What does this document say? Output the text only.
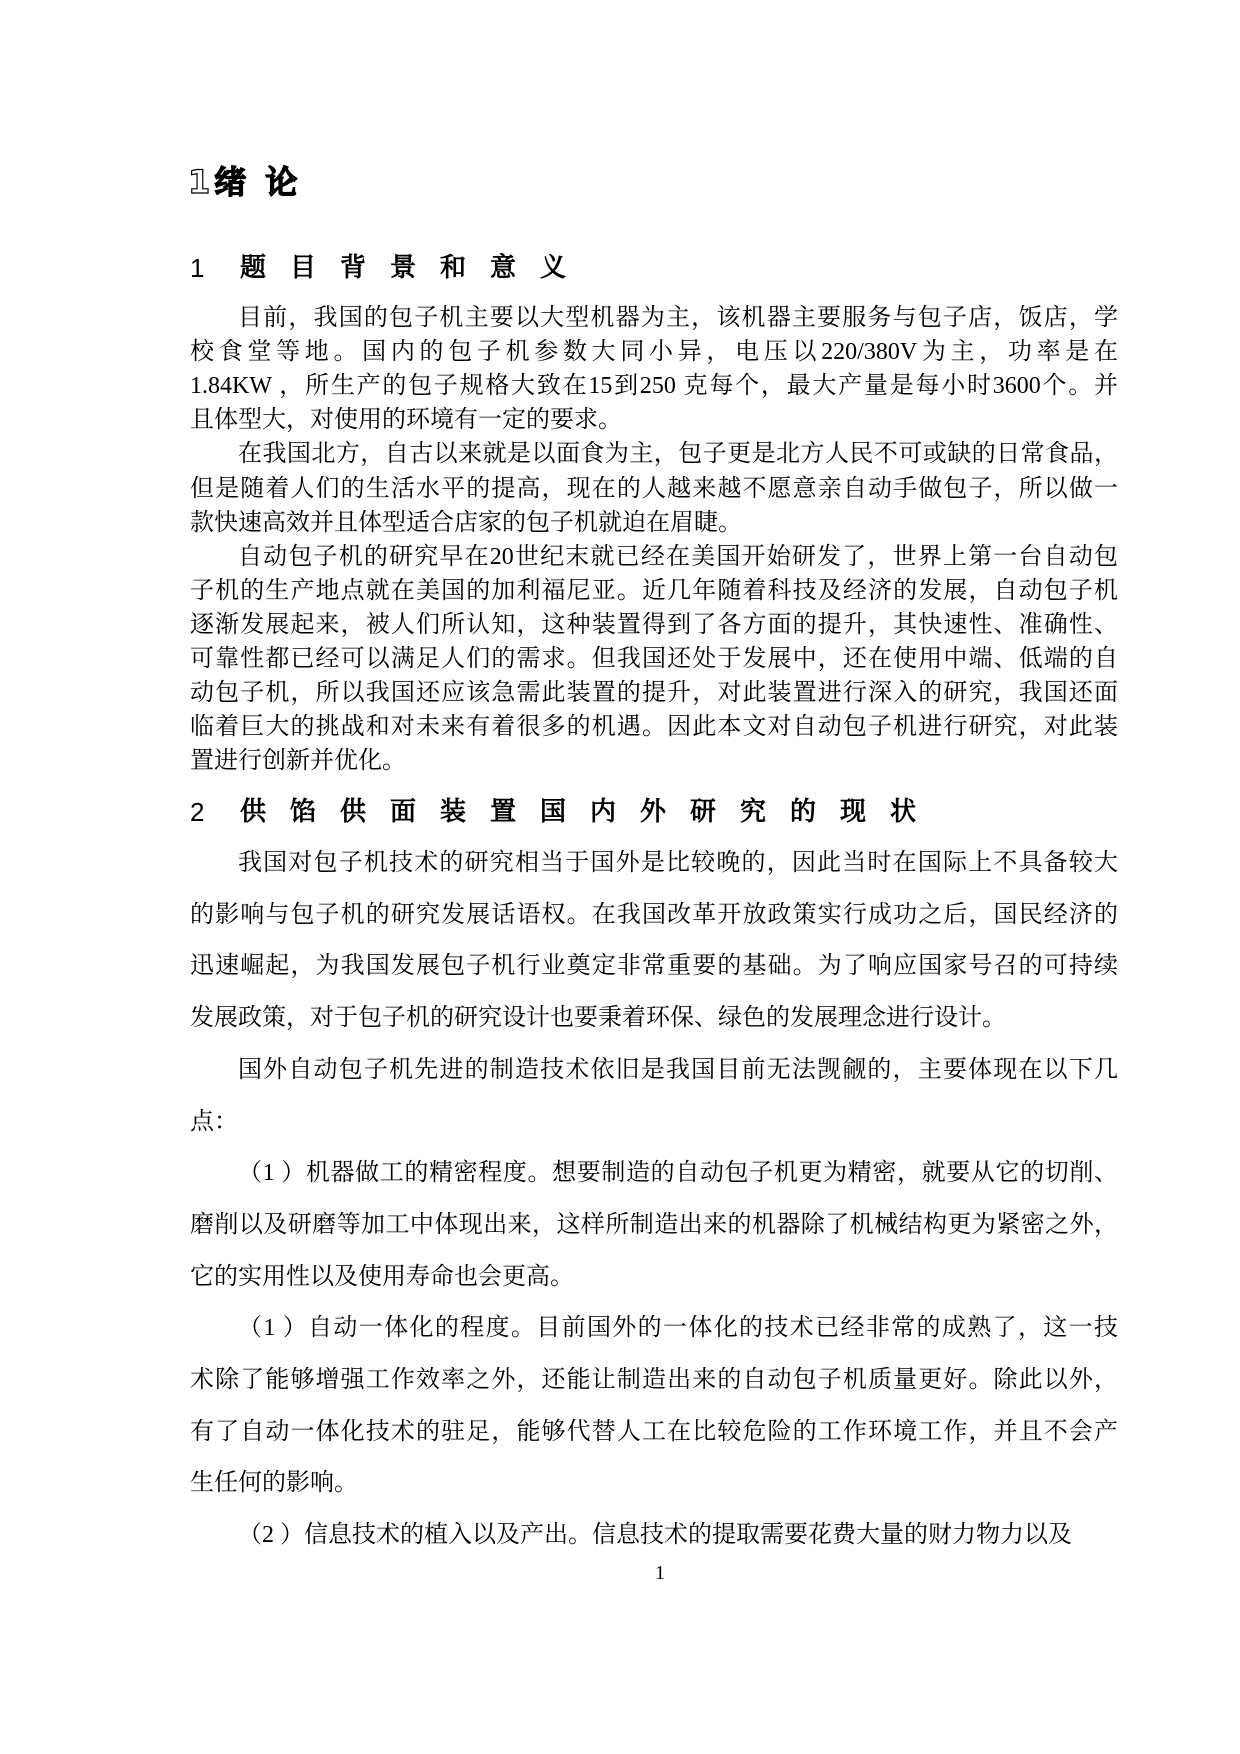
1绪 论
1	题目背景和意义
目前，我国的包子机主要以大型机器为主，该机器主要服务与包子店，饭店，学
校食堂等地。国内的包子机参数大同小异，电压以220/380V为主，功率是在
1.84KW ，所生产的包子规格大致在15到250 克每个，最大产量是每小时3600个。并
且体型大，对使用的环境有一定的要求。
在我国北方，自古以来就是以面食为主，包子更是北方人民不可或缺的日常食品，
但是随着人们的生活水平的提高，现在的人越来越不愿意亲自动手做包子，所以做一
款快速高效并且体型适合店家的包子机就迫在眉睫。
自动包子机的研究早在20世纪末就已经在美国开始研发了，世界上第一台自动包
子机的生产地点就在美国的加利福尼亚。近几年随着科技及经济的发展，自动包子机
逐渐发展起来，被人们所认知，这种装置得到了各方面的提升，其快速性、准确性、
可靠性都已经可以满足人们的需求。但我国还处于发展中，还在使用中端、低端的自
动包子机，所以我国还应该急需此装置的提升，对此装置进行深入的研究，我国还面
临着巨大的挑战和对未来有着很多的机遇。因此本文对自动包子机进行研究，对此装
置进行创新并优化。
2	供馅供面装置国内外研究的现状
我国对包子机技术的研究相当于国外是比较晚的，因此当时在国际上不具备较大
的影响与包子机的研究发展话语权。在我国改革开放政策实行成功之后，国民经济的
迅速崛起，为我国发展包子机行业奠定非常重要的基础。为了响应国家号召的可持续
发展政策，对于包子机的研究设计也要秉着环保、绿色的发展理念进行设计。
国外自动包子机先进的制造技术依旧是我国目前无法觊觎的，主要体现在以下几
点：
（1 ）机器做工的精密程度。想要制造的自动包子机更为精密，就要从它的切削、
磨削以及研磨等加工中体现出来，这样所制造出来的机器除了机械结构更为紧密之外，
它的实用性以及使用寿命也会更高。
（1 ）自动一体化的程度。目前国外的一体化的技术已经非常的成熟了，这一技
术除了能够增强工作效率之外，还能让制造出来的自动包子机质量更好。除此以外，
有了自动一体化技术的驻足，能够代替人工在比较危险的工作环境工作，并且不会产
生任何的影响。
（2 ）信息技术的植入以及产出。信息技术的提取需要花费大量的财力物力以及
1
